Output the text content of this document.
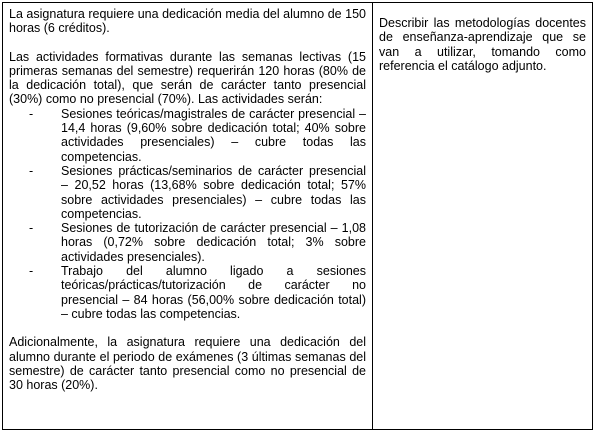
La asignatura requiere una dedicación media del alumno de 150 horas (6 créditos).

Las actividades formativas durante las semanas lectivas (15 primeras semanas del semestre) requerirán 120 horas (80% de la dedicación total), que serán de carácter tanto presencial (30%) como no presencial (70%). Las actividades serán:

- Sesiones teóricas/magistrales de carácter presencial – 14,4 horas (9,60% sobre dedicación total; 40% sobre actividades presenciales) – cubre todas las competencias.
- Sesiones prácticas/seminarios de carácter presencial – 20,52 horas (13,68% sobre dedicación total; 57% sobre actividades presenciales) – cubre todas las competencias.
- Sesiones de tutorización de carácter presencial – 1,08 horas (0,72% sobre dedicación total; 3% sobre actividades presenciales).
- Trabajo del alumno ligado a sesiones teóricas/prácticas/tutorización de carácter no presencial – 84 horas (56,00% sobre dedicación total) – cubre todas las competencias.

Adicionalmente, la asignatura requiere una dedicación del alumno durante el periodo de exámenes (3 últimas semanas del semestre) de carácter tanto presencial como no presencial de 30 horas (20%).

Describir las metodologías docentes de enseñanza-aprendizaje que se van a utilizar, tomando como referencia el catálogo adjunto.
